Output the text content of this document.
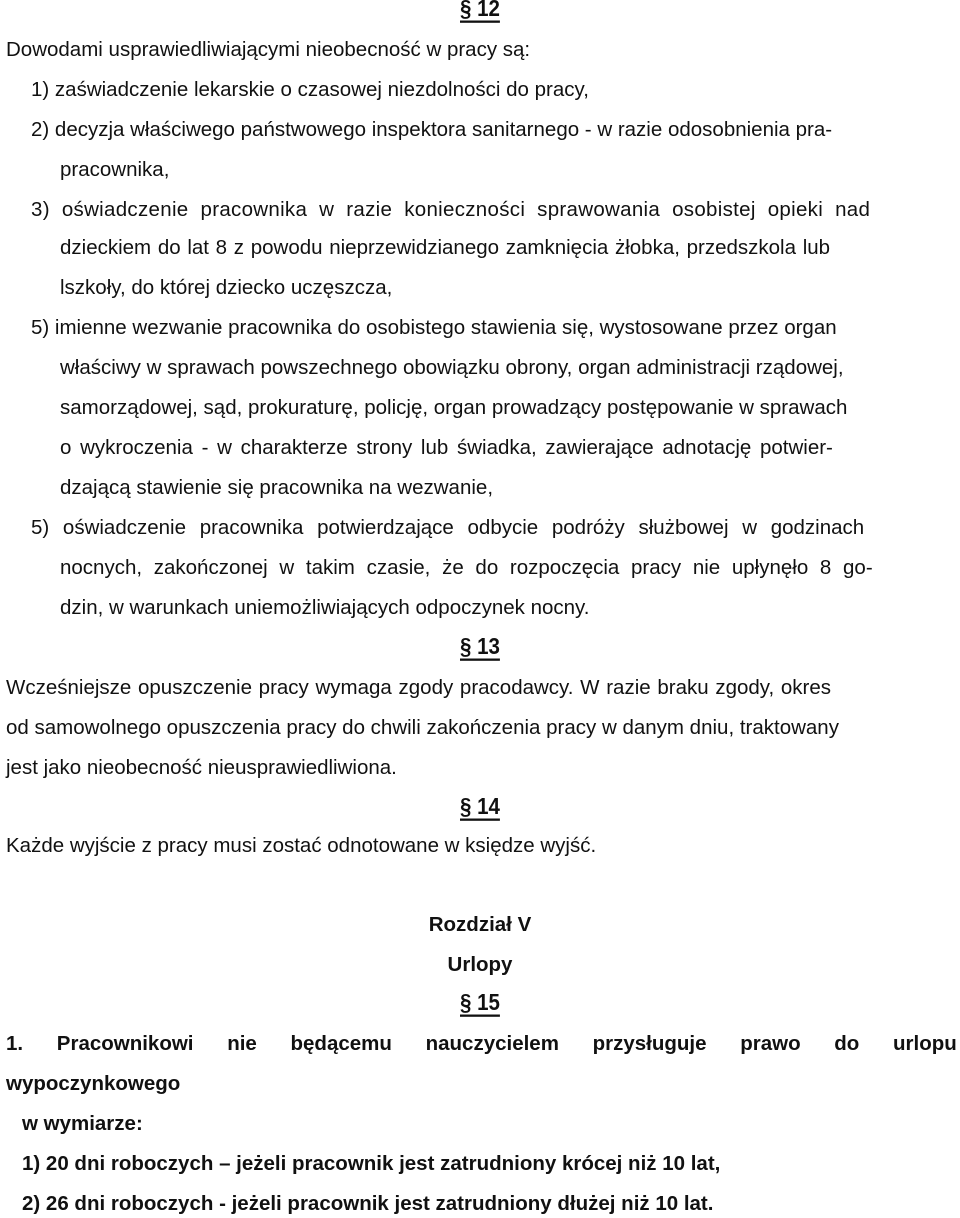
§ 12
Dowodami usprawiedliwiającymi nieobecność w pracy są:
1) zaświadczenie lekarskie o czasowej niezdolności do pracy,
2) decyzja właściwego państwowego inspektora sanitarnego - w razie odosobnienia pra-
pracownika,
3) oświadczenie pracownika w razie konieczności sprawowania osobistej opieki nad
dzieckiem do lat 8 z powodu nieprzewidzianego zamknięcia żłobka, przedszkola lub
lszkoły, do której dziecko uczęszcza,
5) imienne wezwanie pracownika do osobistego stawienia się, wystosowane przez organ
właściwy w sprawach powszechnego obowiązku obrony, organ administracji rządowej,
samorządowej, sąd, prokuraturę, policję, organ prowadzący postępowanie w sprawach
o wykroczenia - w charakterze strony lub świadka, zawierające adnotację potwier-
dzającą stawienie się pracownika na wezwanie,
5) oświadczenie pracownika potwierdzające odbycie podróży służbowej w godzinach
nocnych, zakończonej w takim czasie, że do rozpoczęcia pracy nie upłynęło 8 go-
dzin, w warunkach uniemożliwiających odpoczynek nocny.
§ 13
Wcześniejsze opuszczenie pracy wymaga zgody pracodawcy. W razie braku zgody, okres
od samowolnego opuszczenia pracy do chwili zakończenia pracy w danym dniu, traktowany
jest jako nieobecność nieusprawiedliwiona.
§ 14
Każde wyjście z pracy musi zostać odnotowane w księdze wyjść.
Rozdział V
Urlopy
§ 15
1. Pracownikowi nie będącemu nauczycielem przysługuje prawo do urlopu
wypoczynkowego
w wymiarze:
1) 20 dni roboczych – jeżeli pracownik jest zatrudniony krócej niż 10 lat,
2) 26 dni roboczych - jeżeli pracownik jest zatrudniony dłużej niż 10 lat.
